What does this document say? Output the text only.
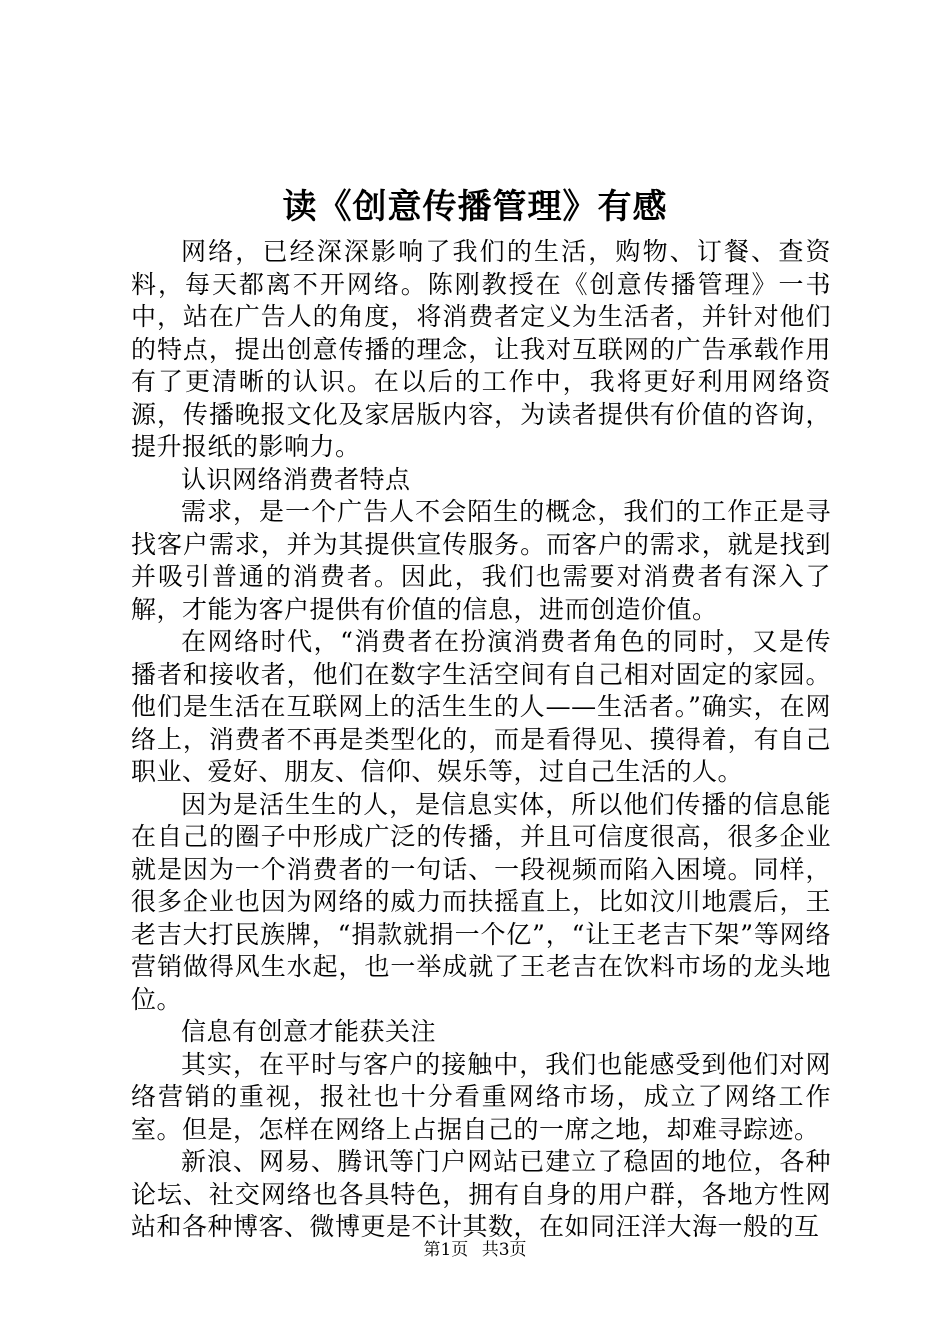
读《创意传播管理》有感

网络，已经深深影响了我们的生活，购物、订餐、查资料，每天都离不开网络。陈刚教授在《创意传播管理》一书中，站在广告人的角度，将消费者定义为生活者，并针对他们的特点，提出创意传播的理念，让我对互联网的广告承载作用有了更清晰的认识。在以后的工作中，我将更好利用网络资源，传播晚报文化及家居版内容，为读者提供有价值的咨询，提升报纸的影响力。

认识网络消费者特点

需求，是一个广告人不会陌生的概念，我们的工作正是寻找客户需求，并为其提供宣传服务。而客户的需求，就是找到并吸引普通的消费者。因此，我们也需要对消费者有深入了解，才能为客户提供有价值的信息，进而创造价值。

在网络时代，“消费者在扮演消费者角色的同时，又是传播者和接收者，他们在数字生活空间有自己相对固定的家园。他们是生活在互联网上的活生生的人——生活者。”确实，在网络上，消费者不再是类型化的，而是看得见、摸得着，有自己职业、爱好、朋友、信仰、娱乐等，过自己生活的人。

因为是活生生的人，是信息实体，所以他们传播的信息能在自己的圈子中形成广泛的传播，并且可信度很高，很多企业就是因为一个消费者的一句话、一段视频而陷入困境。同样，很多企业也因为网络的威力而扶摇直上，比如汶川地震后，王老吉大打民族牌，“捐款就捐一个亿”，“让王老吉下架”等网络营销做得风生水起，也一举成就了王老吉在饮料市场的龙头地位。

信息有创意才能获关注

其实，在平时与客户的接触中，我们也能感受到他们对网络营销的重视，报社也十分看重网络市场，成立了网络工作室。但是，怎样在网络上占据自己的一席之地，却难寻踪迹。

新浪、网易、腾讯等门户网站已建立了稳固的地位，各种论坛、社交网络也各具特色，拥有自身的用户群，各地方性网站和各种博客、微博更是不计其数，在如同汪洋大海一般的互

第1页 共3页
